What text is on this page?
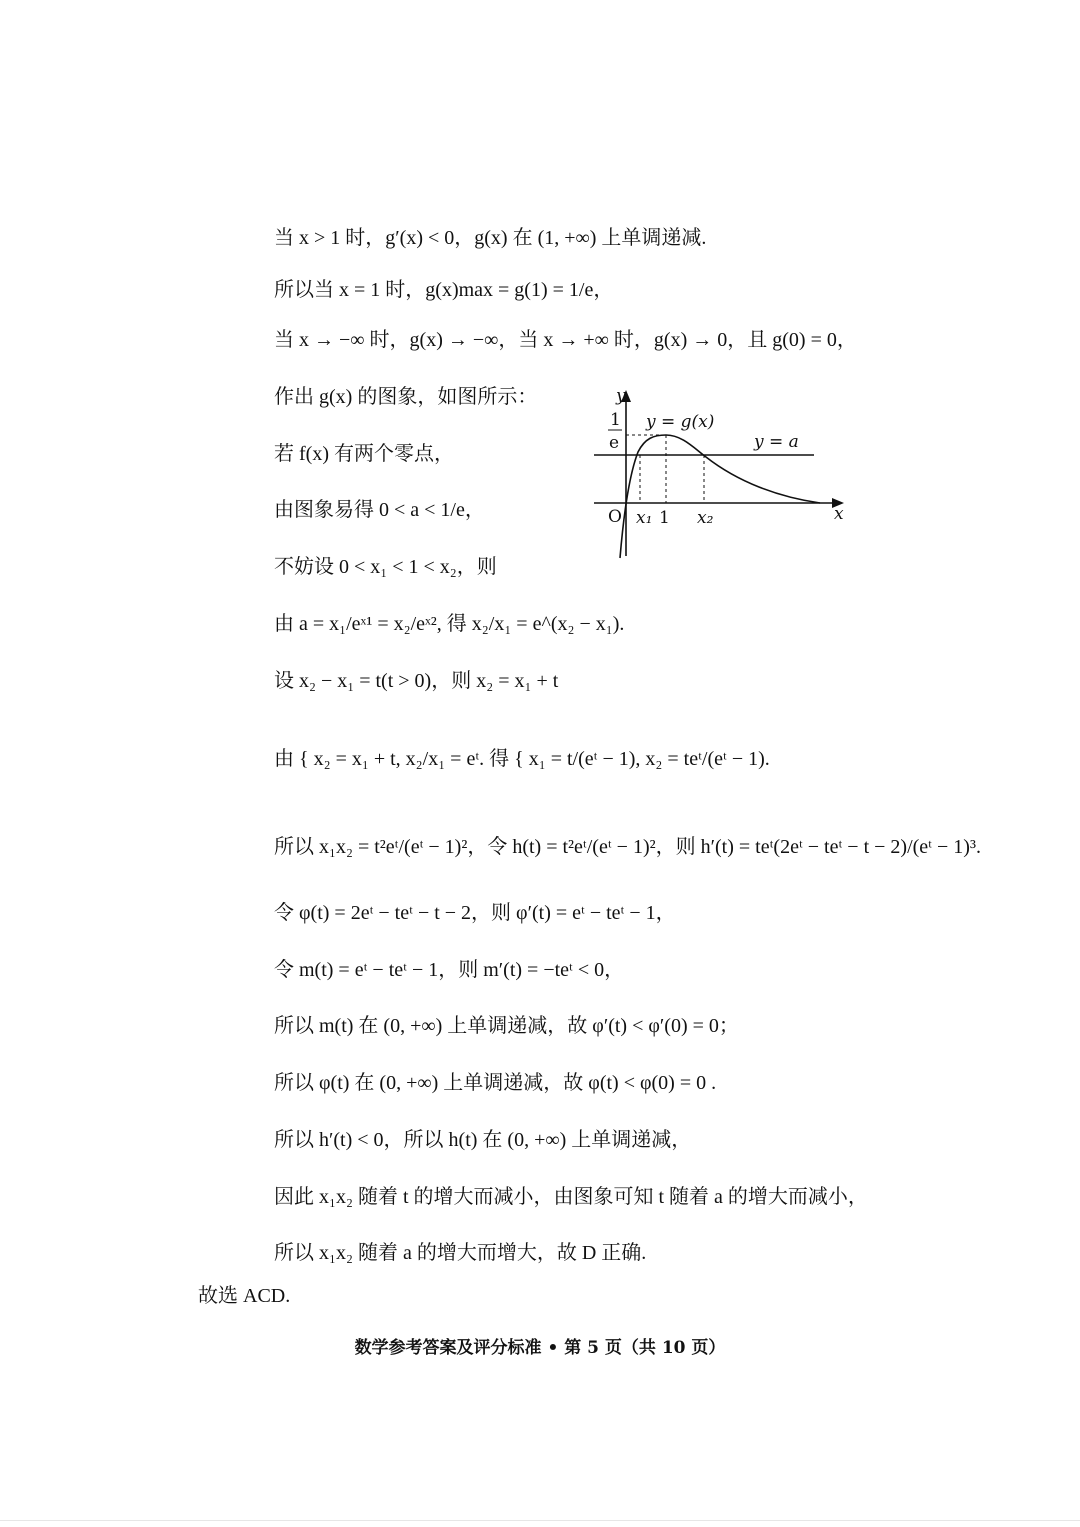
当 x > 1 时，g′(x) < 0，g(x) 在 (1, +∞) 上单调递减.
所以当 x = 1 时，g(x)max = g(1) = 1/e，
当 x → −∞ 时，g(x) → −∞，当 x → +∞ 时，g(x) → 0，且 g(0) = 0，
作出 g(x) 的图象，如图所示：
若 f(x) 有两个零点，
由图象易得 0 < a < 1/e，
不妨设 0 < x₁ < 1 < x₂，则
由 a = x₁/eˣ¹ = x₂/eˣ², 得 x₂/x₁ = e^(x₂ − x₁).
设 x₂ − x₁ = t(t > 0)，则 x₂ = x₁ + t
由 { x₂ = x₁ + t, x₂/x₁ = eᵗ. 得 { x₁ = t/(eᵗ − 1), x₂ = teᵗ/(eᵗ − 1).
所以 x₁x₂ = t²eᵗ/(eᵗ − 1)²，令 h(t) = t²eᵗ/(eᵗ − 1)²，则 h′(t) = teᵗ(2eᵗ − teᵗ − t − 2)/(eᵗ − 1)³.
令 φ(t) = 2eᵗ − teᵗ − t − 2，则 φ′(t) = eᵗ − teᵗ − 1，
令 m(t) = eᵗ − teᵗ − 1，则 m′(t) = −teᵗ < 0，
所以 m(t) 在 (0, +∞) 上单调递减，故 φ′(t) < φ′(0) = 0；
所以 φ(t) 在 (0, +∞) 上单调递减，故 φ(t) < φ(0) = 0 .
所以 h′(t) < 0，所以 h(t) 在 (0, +∞) 上单调递减，
因此 x₁x₂ 随着 t 的增大而减小，由图象可知 t 随着 a 的增大而减小，
所以 x₁x₂ 随着 a 的增大而增大，故 D 正确.
故选 ACD.
y
x
O
1
e
y = g(x)
y = a
x₁ 1 x₂
数学参考答案及评分标准 • 第 5 页（共 10 页）
